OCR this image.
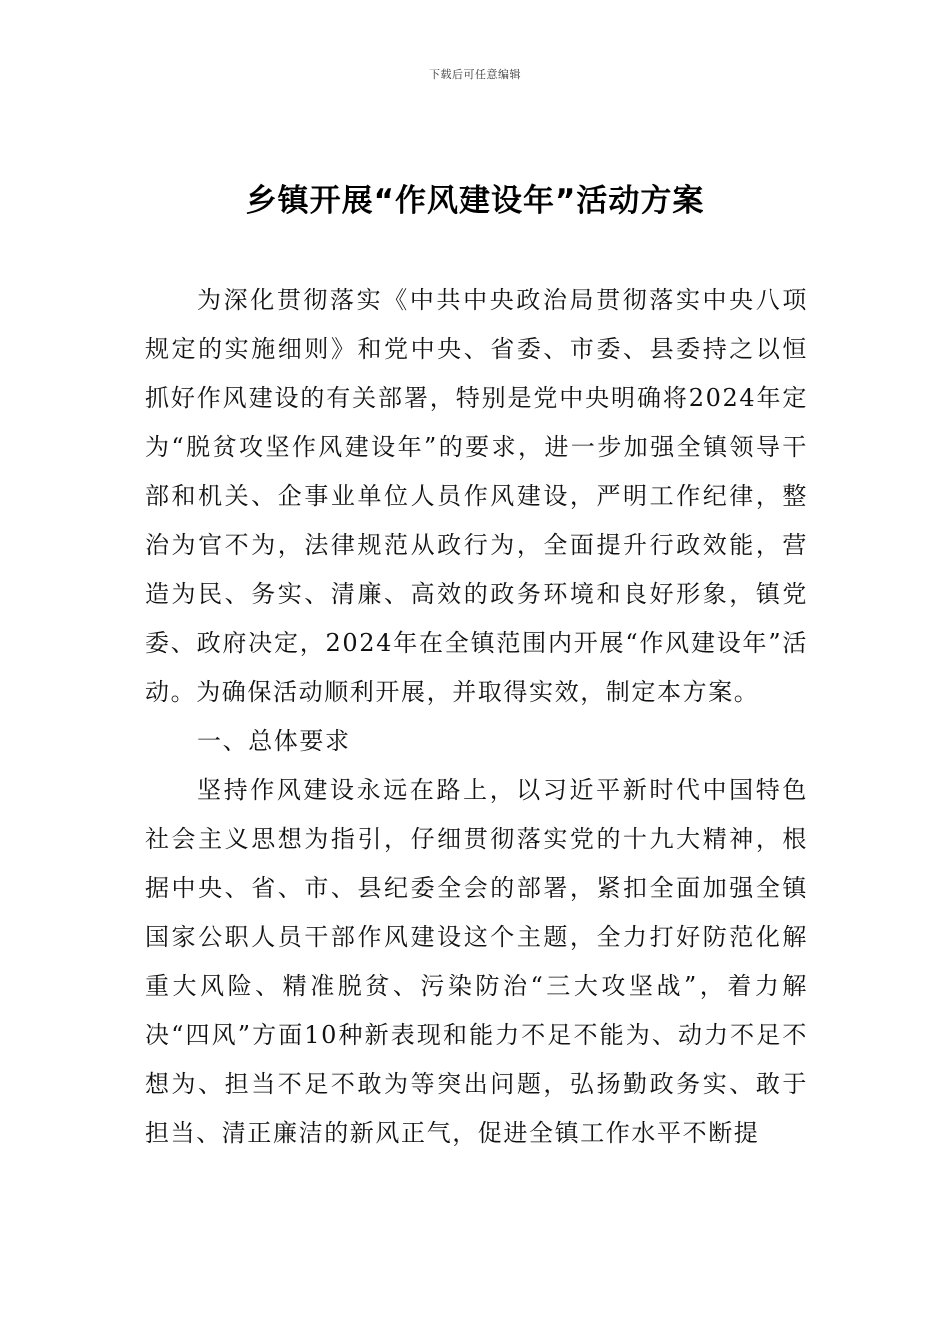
下载后可任意编辑
乡镇开展“作风建设年”活动方案

为深化贯彻落实《中共中央政治局贯彻落实中央八项规定的实施细则》和党中央、省委、市委、县委持之以恒抓好作风建设的有关部署，特别是党中央明确将2024年定为“脱贫攻坚作风建设年”的要求，进一步加强全镇领导干部和机关、企事业单位人员作风建设，严明工作纪律，整治为官不为，法律规范从政行为，全面提升行政效能，营造为民、务实、清廉、高效的政务环境和良好形象，镇党委、政府决定，2024年在全镇范围内开展“作风建设年”活动。为确保活动顺利开展，并取得实效，制定本方案。

一、总体要求

坚持作风建设永远在路上，以习近平新时代中国特色社会主义思想为指引，仔细贯彻落实党的十九大精神，根据中央、省、市、县纪委全会的部署，紧扣全面加强全镇国家公职人员干部作风建设这个主题，全力打好防范化解重大风险、精准脱贫、污染防治“三大攻坚战”，着力解决“四风”方面10种新表现和能力不足不能为、动力不足不想为、担当不足不敢为等突出问题，弘扬勤政务实、敢于担当、清正廉洁的新风正气，促进全镇工作水平不断提
